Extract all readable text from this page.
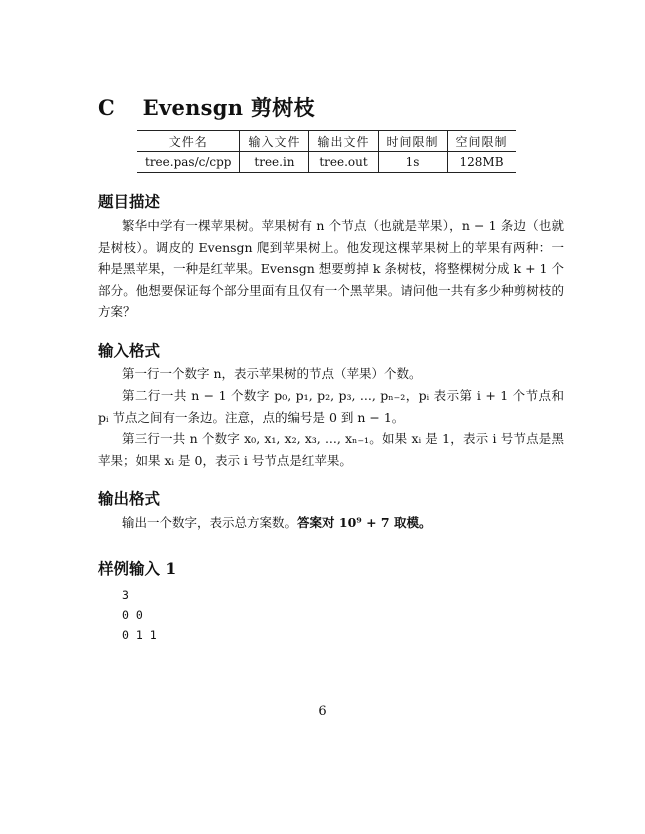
C Evensgn 剪树枝
文件名	输入文件	输出文件	时间限制	空间限制
tree.pas/c/cpp	tree.in	tree.out	1s	128MB
题目描述
繁华中学有一棵苹果树。苹果树有 n 个节点（也就是苹果），n − 1 条边（也就是树枝）。调皮的 Evensgn 爬到苹果树上。他发现这棵苹果树上的苹果有两种：一种是黑苹果，一种是红苹果。Evensgn 想要剪掉 k 条树枝，将整棵树分成 k + 1 个部分。他想要保证每个部分里面有且仅有一个黑苹果。请问他一共有多少种剪树枝的方案？
输入格式
第一行一个数字 n，表示苹果树的节点（苹果）个数。
第二行一共 n − 1 个数字 p₀, p₁, p₂, p₃, ..., pₙ₋₂，pᵢ 表示第 i + 1 个节点和 pᵢ 节点之间有一条边。注意，点的编号是 0 到 n − 1。
第三行一共 n 个数字 x₀, x₁, x₂, x₃, ..., xₙ₋₁。如果 xᵢ 是 1，表示 i 号节点是黑苹果；如果 xᵢ 是 0，表示 i 号节点是红苹果。
输出格式
输出一个数字，表示总方案数。答案对 10⁹ + 7 取模。
样例输入 1
3
0 0
0 1 1
6
